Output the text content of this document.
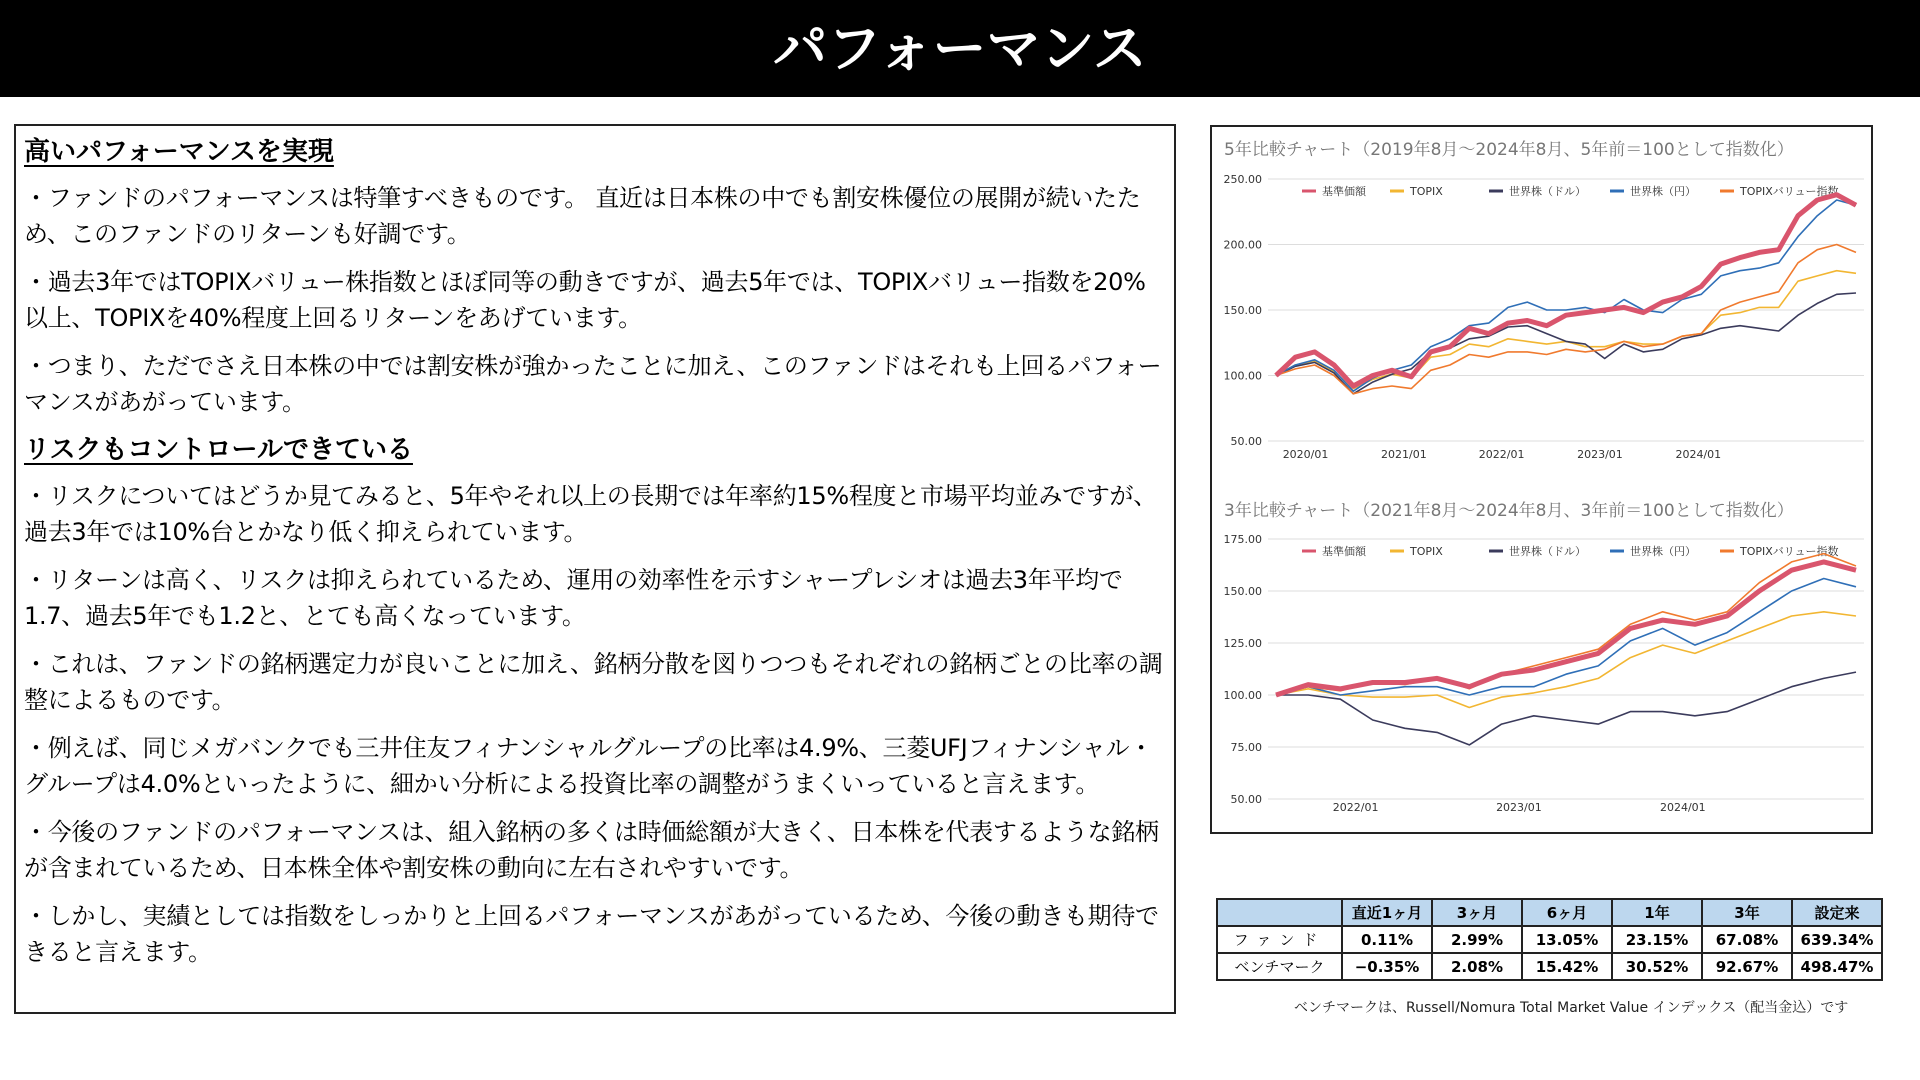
パフォーマンス
高いパフォーマンスを実現

・ファンドのパフォーマンスは特筆すべきものです。 直近は日本株の中でも割安株優位の展開が続いたため、このファンドのリターンも好調です。

・過去3年ではTOPIXバリュー株指数とほぼ同等の動きですが、過去5年では、TOPIXバリュー指数を20%以上、TOPIXを40%程度上回るリターンをあげています。

・つまり、ただでさえ日本株の中では割安株が強かったことに加え、このファンドはそれも上回るパフォーマンスがあがっています。

リスクもコントロールできている

・リスクについてはどうか見てみると、5年やそれ以上の長期では年率約15%程度と市場平均並みですが、過去3年では10%台とかなり低く抑えられています。

・リターンは高く、リスクは抑えられているため、運用の効率性を示すシャープレシオは過去3年平均で1.7、過去5年でも1.2と、とても高くなっています。

・これは、ファンドの銘柄選定力が良いことに加え、銘柄分散を図りつつもそれぞれの銘柄ごとの比率の調整によるものです。

・例えば、同じメガバンクでも三井住友フィナンシャルグループの比率は4.9%、三菱UFJフィナンシャル・グループは4.0%といったように、細かい分析による投資比率の調整がうまくいっていると言えます。

・今後のファンドのパフォーマンスは、組入銘柄の多くは時価総額が大きく、日本株を代表するような銘柄が含まれているため、日本株全体や割安株の動向に左右されやすいです。

・しかし、実績としては指数をしっかりと上回るパフォーマンスがあがっているため、今後の動きも期待できると言えます。

5年比較チャート（2019年8月～2024年8月、5年前＝100として指数化）
50.00
100.00
150.00
200.00
250.00
2020/01	2021/01	2022/01	2023/01	2024/01
基準価額	TOPIX	世界株（ドル）	世界株（円）	TOPIXバリュー指数
3年比較チャート（2021年8月～2024年8月、3年前＝100として指数化）
50.00
75.00
100.00
125.00
150.00
175.00
2022/01	2023/01	2024/01
基準価額	TOPIX	世界株（ドル）	世界株（円）	TOPIXバリュー指数
	直近1ヶ月	3ヶ月	6ヶ月	1年	3年	設定来
ファンド	0.11%	2.99%	13.05%	23.15%	67.08%	639.34%
ベンチマーク	−0.35%	2.08%	15.42%	30.52%	92.67%	498.47%
ベンチマークは、Russell/Nomura Total Market Value インデックス（配当金込）です
